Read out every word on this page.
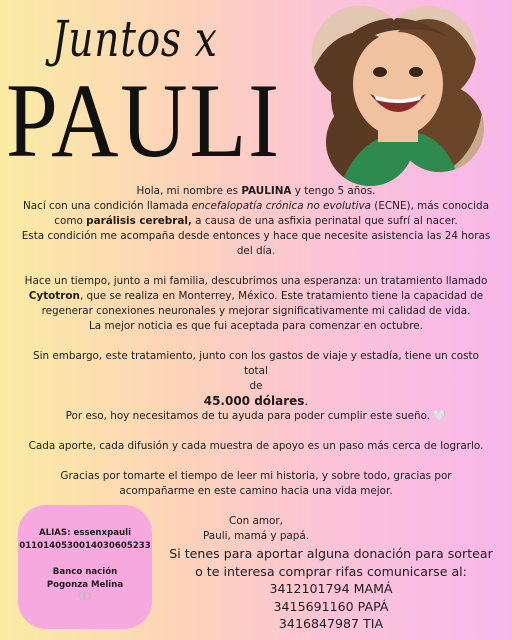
Juntos x
PAULI

Hola, mi nombre es PAULINA y tengo 5 años.

Nací con una condición llamada encefalopatía crónica no evolutiva (ECNE), más conocida

como parálisis cerebral, a causa de una asfixia perinatal que sufrí al nacer.

Esta condición me acompaña desde entonces y hace que necesite asistencia las 24 horas

del día.

Hace un tiempo, junto a mi familia, descubrimos una esperanza: un tratamiento llamado

Cytotron, que se realiza en Monterrey, México. Este tratamiento tiene la capacidad de

regenerar conexiones neuronales y mejorar significativamente mi calidad de vida.

La mejor noticia es que fui aceptada para comenzar en octubre.

Sin embargo, este tratamiento, junto con los gastos de viaje y estadía, tiene un costo total

de

45.000 dólares.

Por eso, hoy necesitamos de tu ayuda para poder cumplir este sueño. 🤍

Cada aporte, cada difusión y cada muestra de apoyo es un paso más cerca de lograrlo.

Gracias por tomarte el tiempo de leer mi historia, y sobre todo, gracias por

acompañarme en este camino hacia una vida mejor.

Con amor,

Pauli, mamá y papá.

ALIAS: essenxpauli
0110140530014030605233
Banco nación
Pogonza Melina

Si tenes para aportar alguna donación para sortear

o te interesa comprar rifas comunicarse al:

3412101794 MAMÁ

3415691160 PAPÁ

3416847987 TIA
